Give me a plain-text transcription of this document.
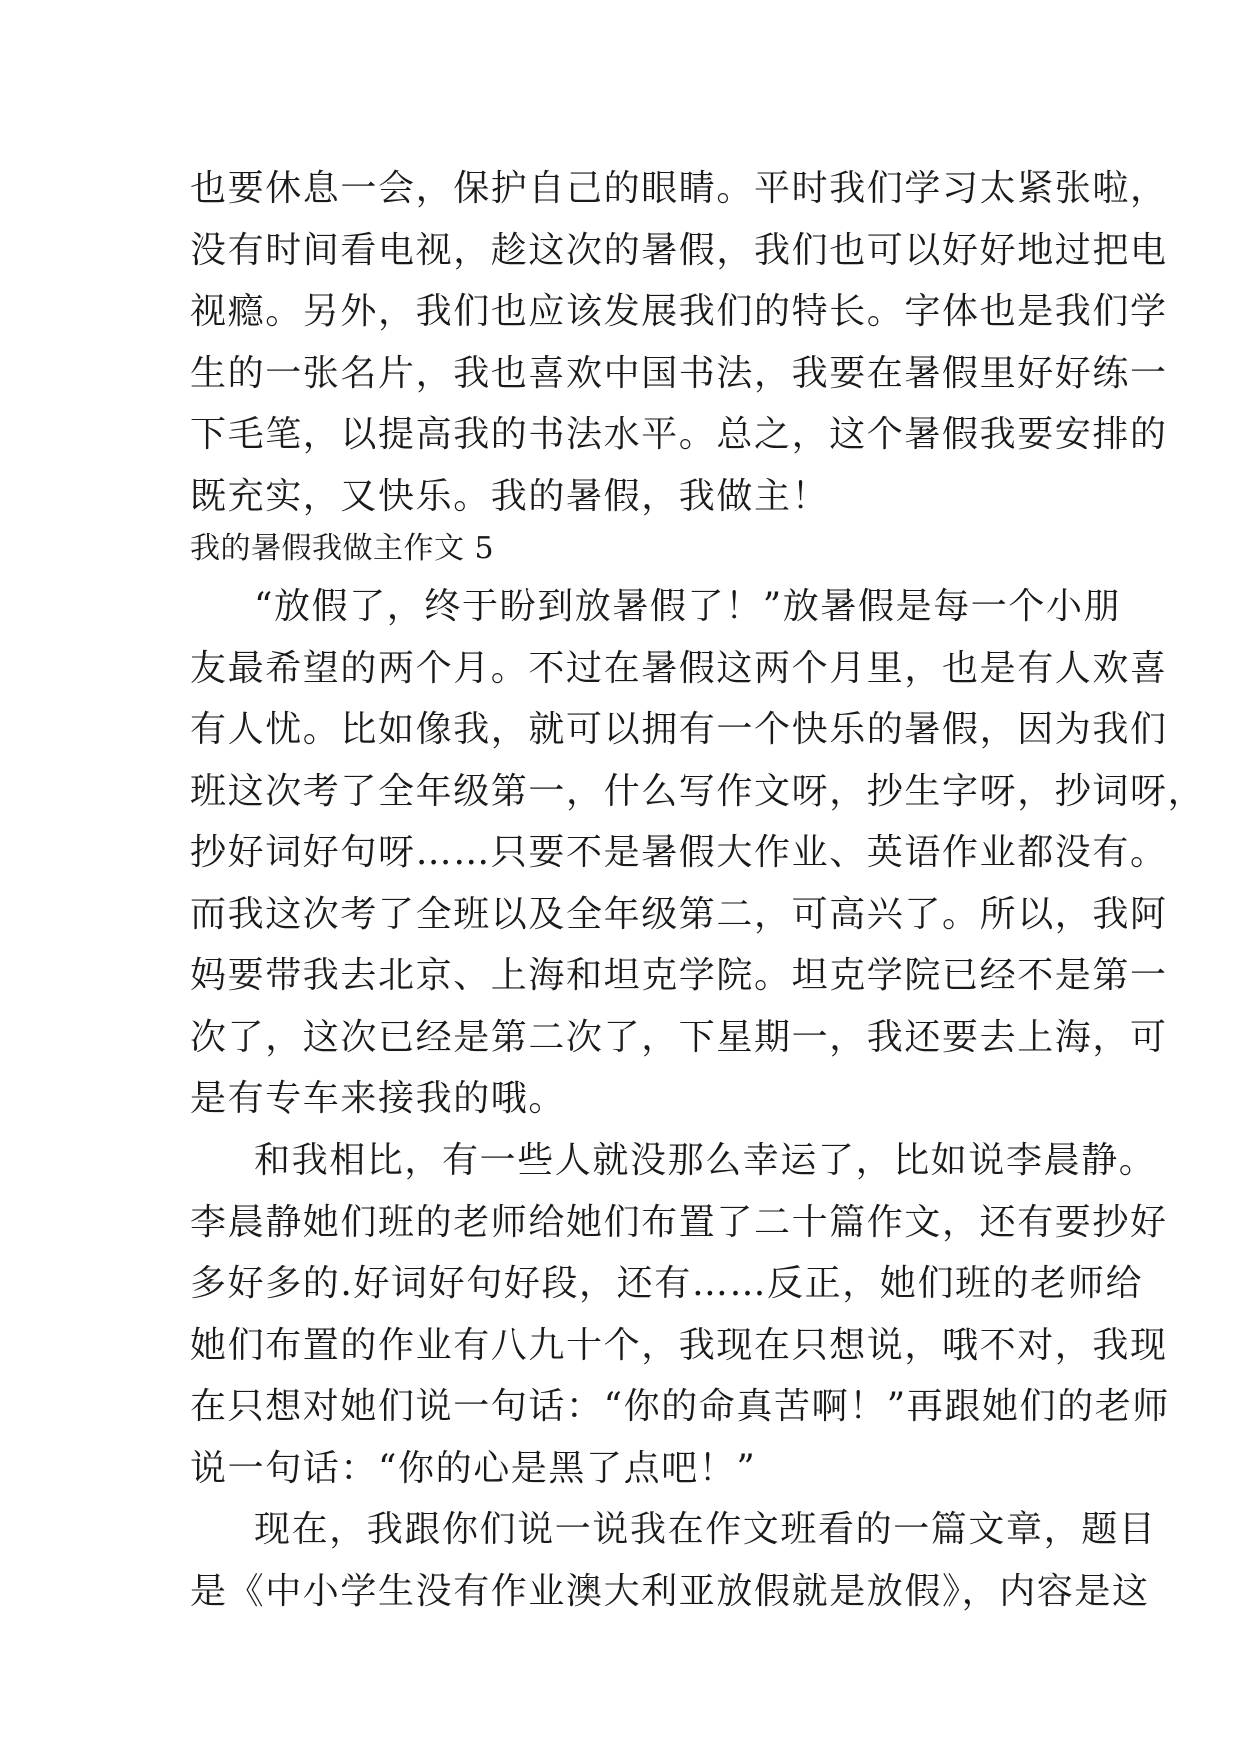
也要休息一会，保护自己的眼睛。平时我们学习太紧张啦，
没有时间看电视，趁这次的暑假，我们也可以好好地过把电
视瘾。另外，我们也应该发展我们的特长。字体也是我们学
生的一张名片，我也喜欢中国书法，我要在暑假里好好练一
下毛笔，以提高我的书法水平。总之，这个暑假我要安排的
既充实，又快乐。我的暑假，我做主！
我的暑假我做主作文 5
“放假了，终于盼到放暑假了！”放暑假是每一个小朋
友最希望的两个月。不过在暑假这两个月里，也是有人欢喜
有人忧。比如像我，就可以拥有一个快乐的暑假，因为我们
班这次考了全年级第一，什么写作文呀，抄生字呀，抄词呀，
抄好词好句呀……只要不是暑假大作业、英语作业都没有。
而我这次考了全班以及全年级第二，可高兴了。所以，我阿
妈要带我去北京、上海和坦克学院。坦克学院已经不是第一
次了，这次已经是第二次了，下星期一，我还要去上海，可
是有专车来接我的哦。
和我相比，有一些人就没那么幸运了，比如说李晨静。
李晨静她们班的老师给她们布置了二十篇作文，还有要抄好
多好多的.好词好句好段，还有……反正，她们班的老师给
她们布置的作业有八九十个，我现在只想说，哦不对，我现
在只想对她们说一句话：“你的命真苦啊！”再跟她们的老师
说一句话：“你的心是黑了点吧！”
现在，我跟你们说一说我在作文班看的一篇文章，题目
是《中小学生没有作业澳大利亚放假就是放假》，内容是这
